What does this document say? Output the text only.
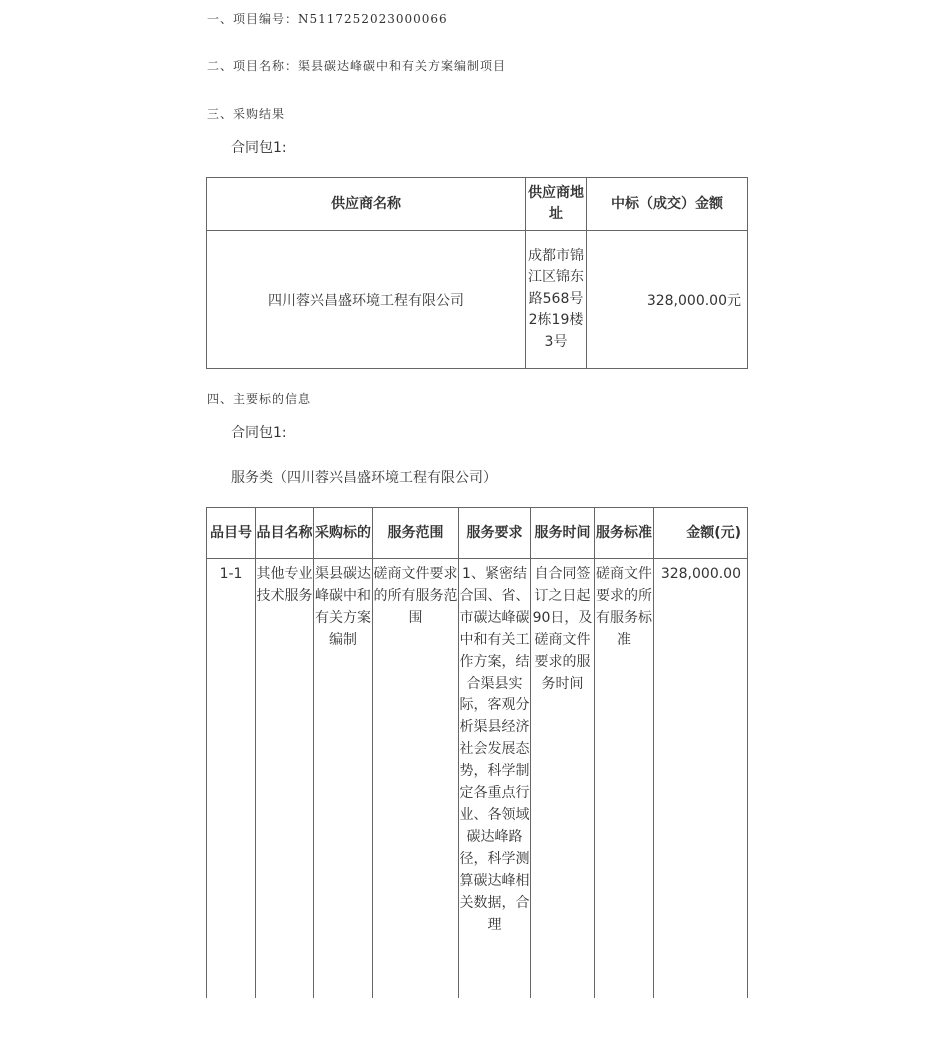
一、项目编号：N5117252023000066
二、项目名称：渠县碳达峰碳中和有关方案编制项目
三、采购结果
合同包1:
供应商名称	供应商地址	中标（成交）金额
四川蓉兴昌盛环境工程有限公司	成都市锦江区锦东路568号2栋19楼3号	328,000.00元
四、主要标的信息
合同包1:
服务类（四川蓉兴昌盛环境工程有限公司）
品目号	品目名称	采购标的	服务范围	服务要求	服务时间	服务标准	金额(元)
1-1	其他专业技术服务	渠县碳达峰碳中和有关方案编制	磋商文件要求的所有服务范围	1、紧密结合国、省、市碳达峰碳中和有关工作方案，结合渠县实际，客观分析渠县经济社会发展态势，科学制定各重点行业、各领域碳达峰路径，科学测算碳达峰相关数据，合理	自合同签订之日起90日，及磋商文件要求的服务时间	磋商文件要求的所有服务标准	328,000.00
